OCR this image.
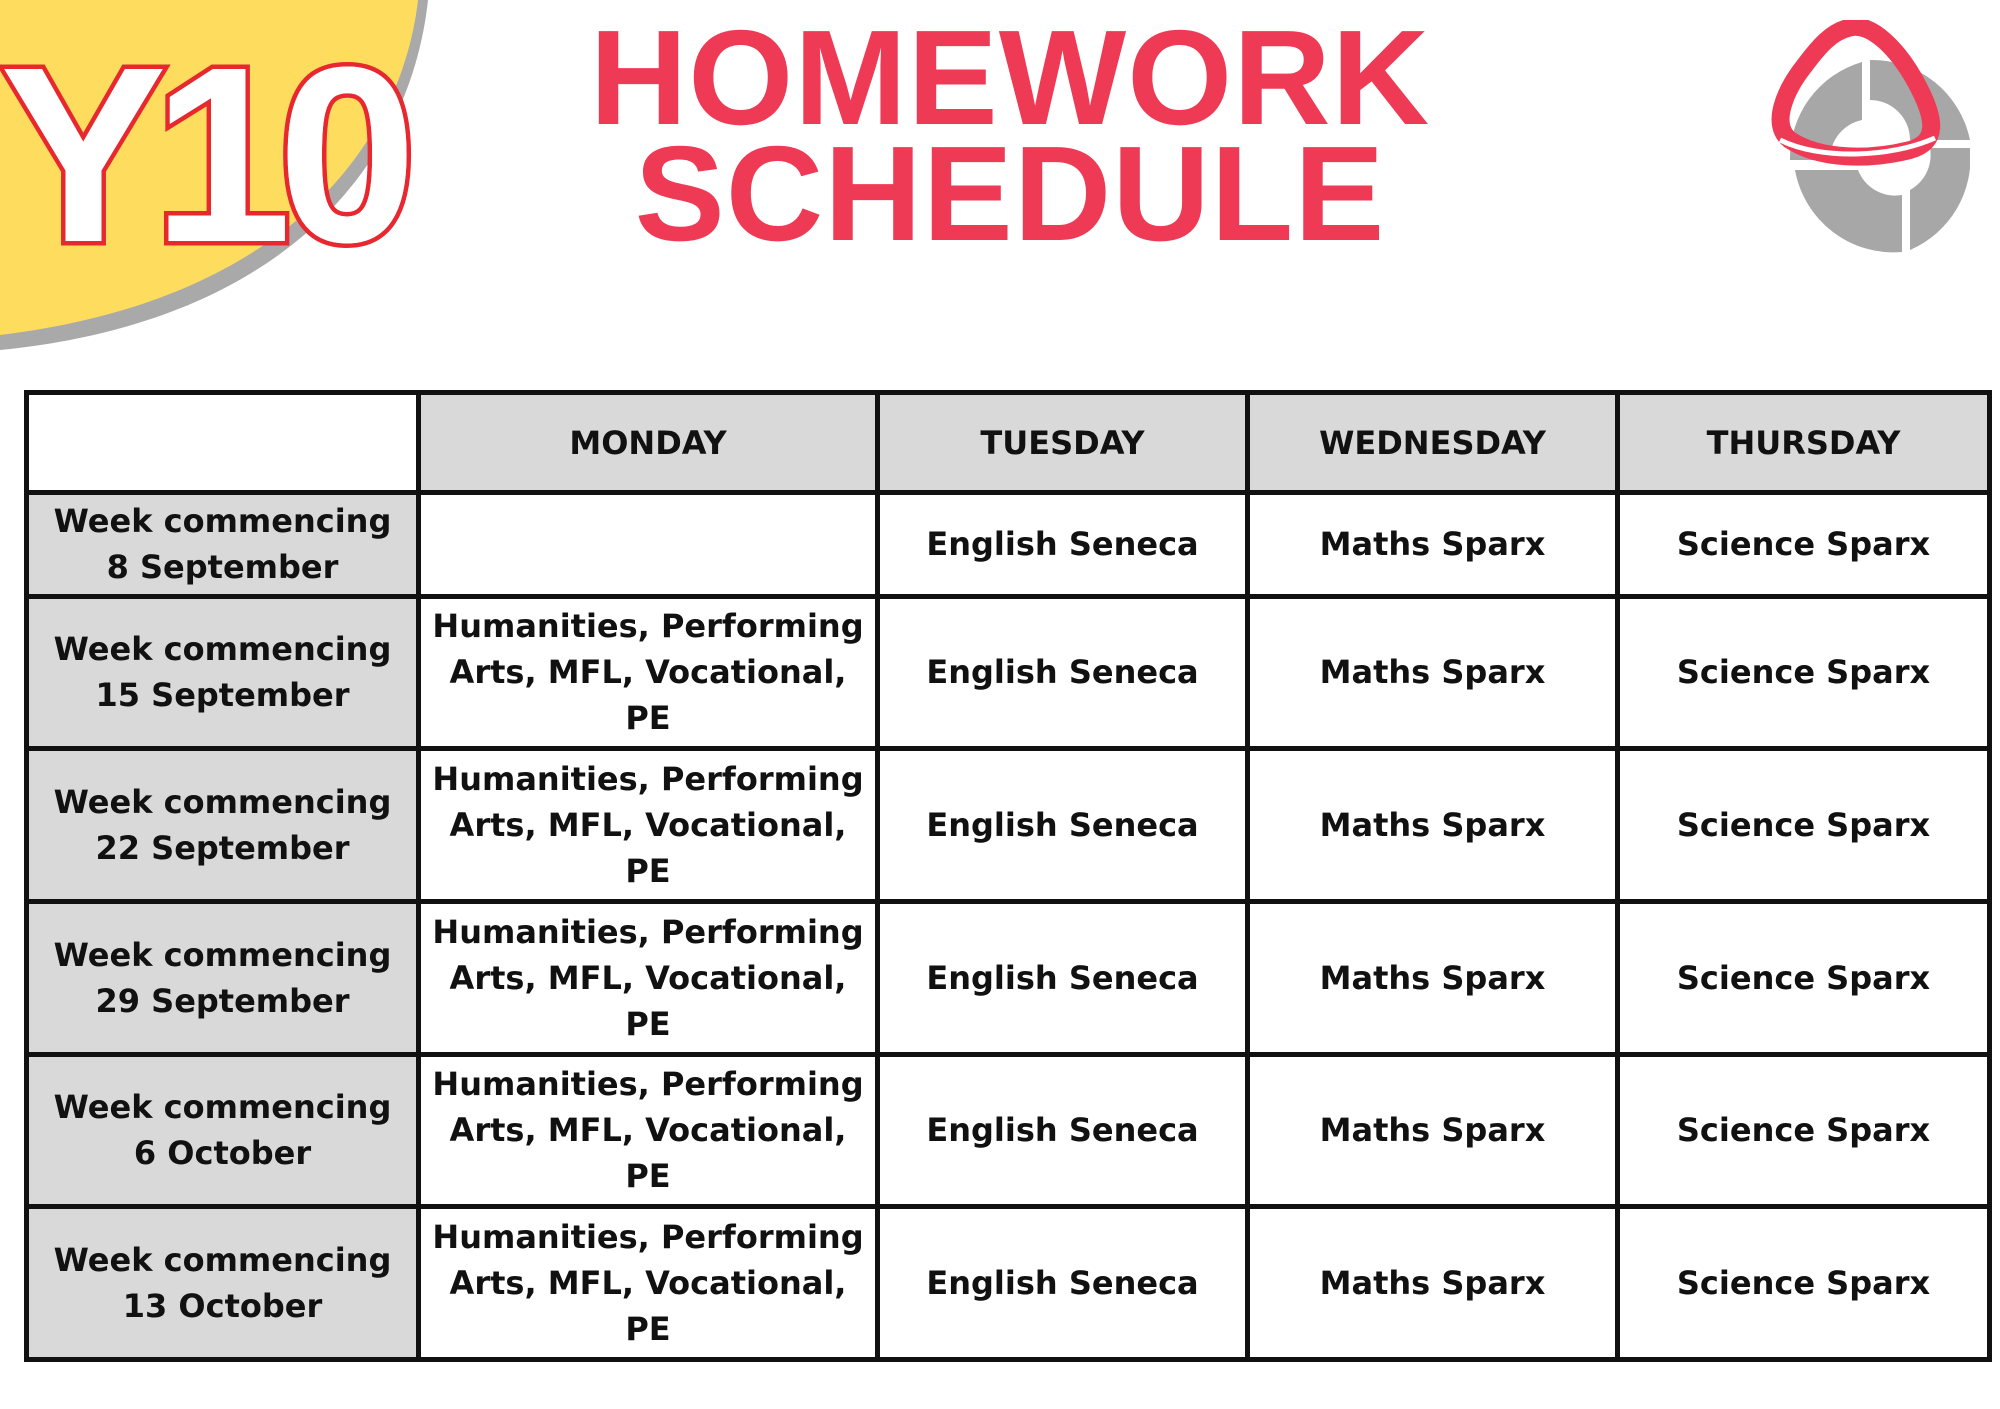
Y10 HOMEWORK
SCHEDULE
	MONDAY	TUESDAY	WEDNESDAY	THURSDAY
Week commencing
8 September		English Seneca	Maths Sparx	Science Sparx
Week commencing
15 September	Humanities, Performing Arts, MFL, Vocational, PE	English Seneca	Maths Sparx	Science Sparx
Week commencing
22 September	Humanities, Performing Arts, MFL, Vocational, PE	English Seneca	Maths Sparx	Science Sparx
Week commencing
29 September	Humanities, Performing Arts, MFL, Vocational, PE	English Seneca	Maths Sparx	Science Sparx
Week commencing
6 October	Humanities, Performing Arts, MFL, Vocational, PE	English Seneca	Maths Sparx	Science Sparx
Week commencing
13 October	Humanities, Performing Arts, MFL, Vocational, PE	English Seneca	Maths Sparx	Science Sparx
